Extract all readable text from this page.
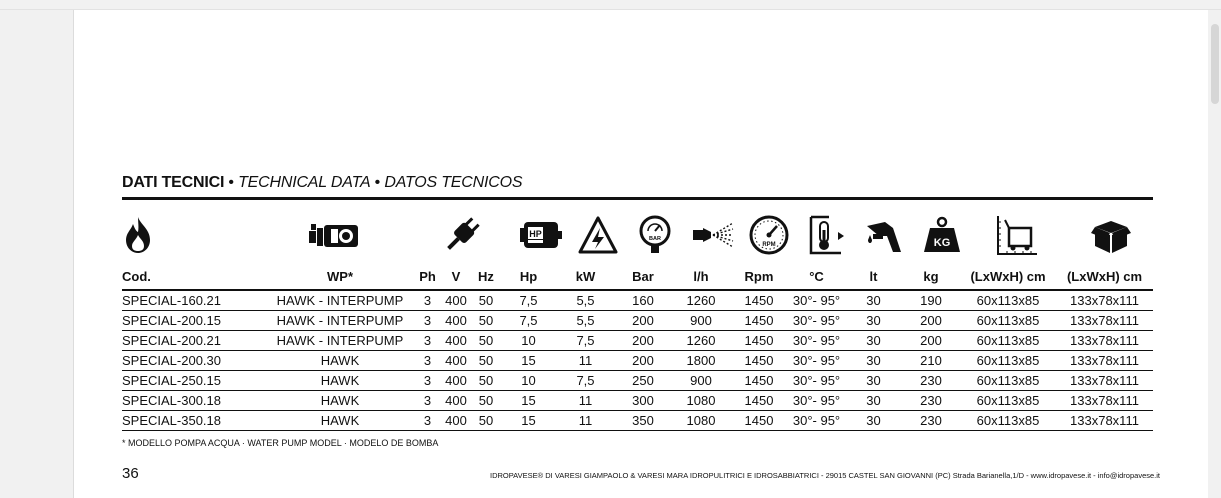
DATI TECNICI • TECHNICAL DATA • DATOS TECNICOS
HP	BAR
RPM	KG
Cod.	WP*	Ph	V	Hz	Hp	kW	Bar	l/h	Rpm	°C	lt	kg	(LxWxH) cm	(LxWxH) cm
SPECIAL-160.21	HAWK - INTERPUMP	3	400	50	7,5	5,5	160	1260	1450	30°- 95°	30	190	60x113x85	133x78x111
SPECIAL-200.15	HAWK - INTERPUMP	3	400	50	7,5	5,5	200	900	1450	30°- 95°	30	200	60x113x85	133x78x111
SPECIAL-200.21	HAWK - INTERPUMP	3	400	50	10	7,5	200	1260	1450	30°- 95°	30	200	60x113x85	133x78x111
SPECIAL-200.30	HAWK	3	400	50	15	11	200	1800	1450	30°- 95°	30	210	60x113x85	133x78x111
SPECIAL-250.15	HAWK	3	400	50	10	7,5	250	900	1450	30°- 95°	30	230	60x113x85	133x78x111
SPECIAL-300.18	HAWK	3	400	50	15	11	300	1080	1450	30°- 95°	30	230	60x113x85	133x78x111
SPECIAL-350.18	HAWK	3	400	50	15	11	350	1080	1450	30°- 95°	30	230	60x113x85	133x78x111
* MODELLO POMPA ACQUA · WATER PUMP MODEL · MODELO DE BOMBA
36	IDROPAVESE® DI VARESI GIAMPAOLO & VARESI MARA IDROPULITRICI E IDROSABBIATRICI - 29015 CASTEL SAN GIOVANNI (PC) Strada Barianella,1/D - www.idropavese.it - info@idropavese.it
